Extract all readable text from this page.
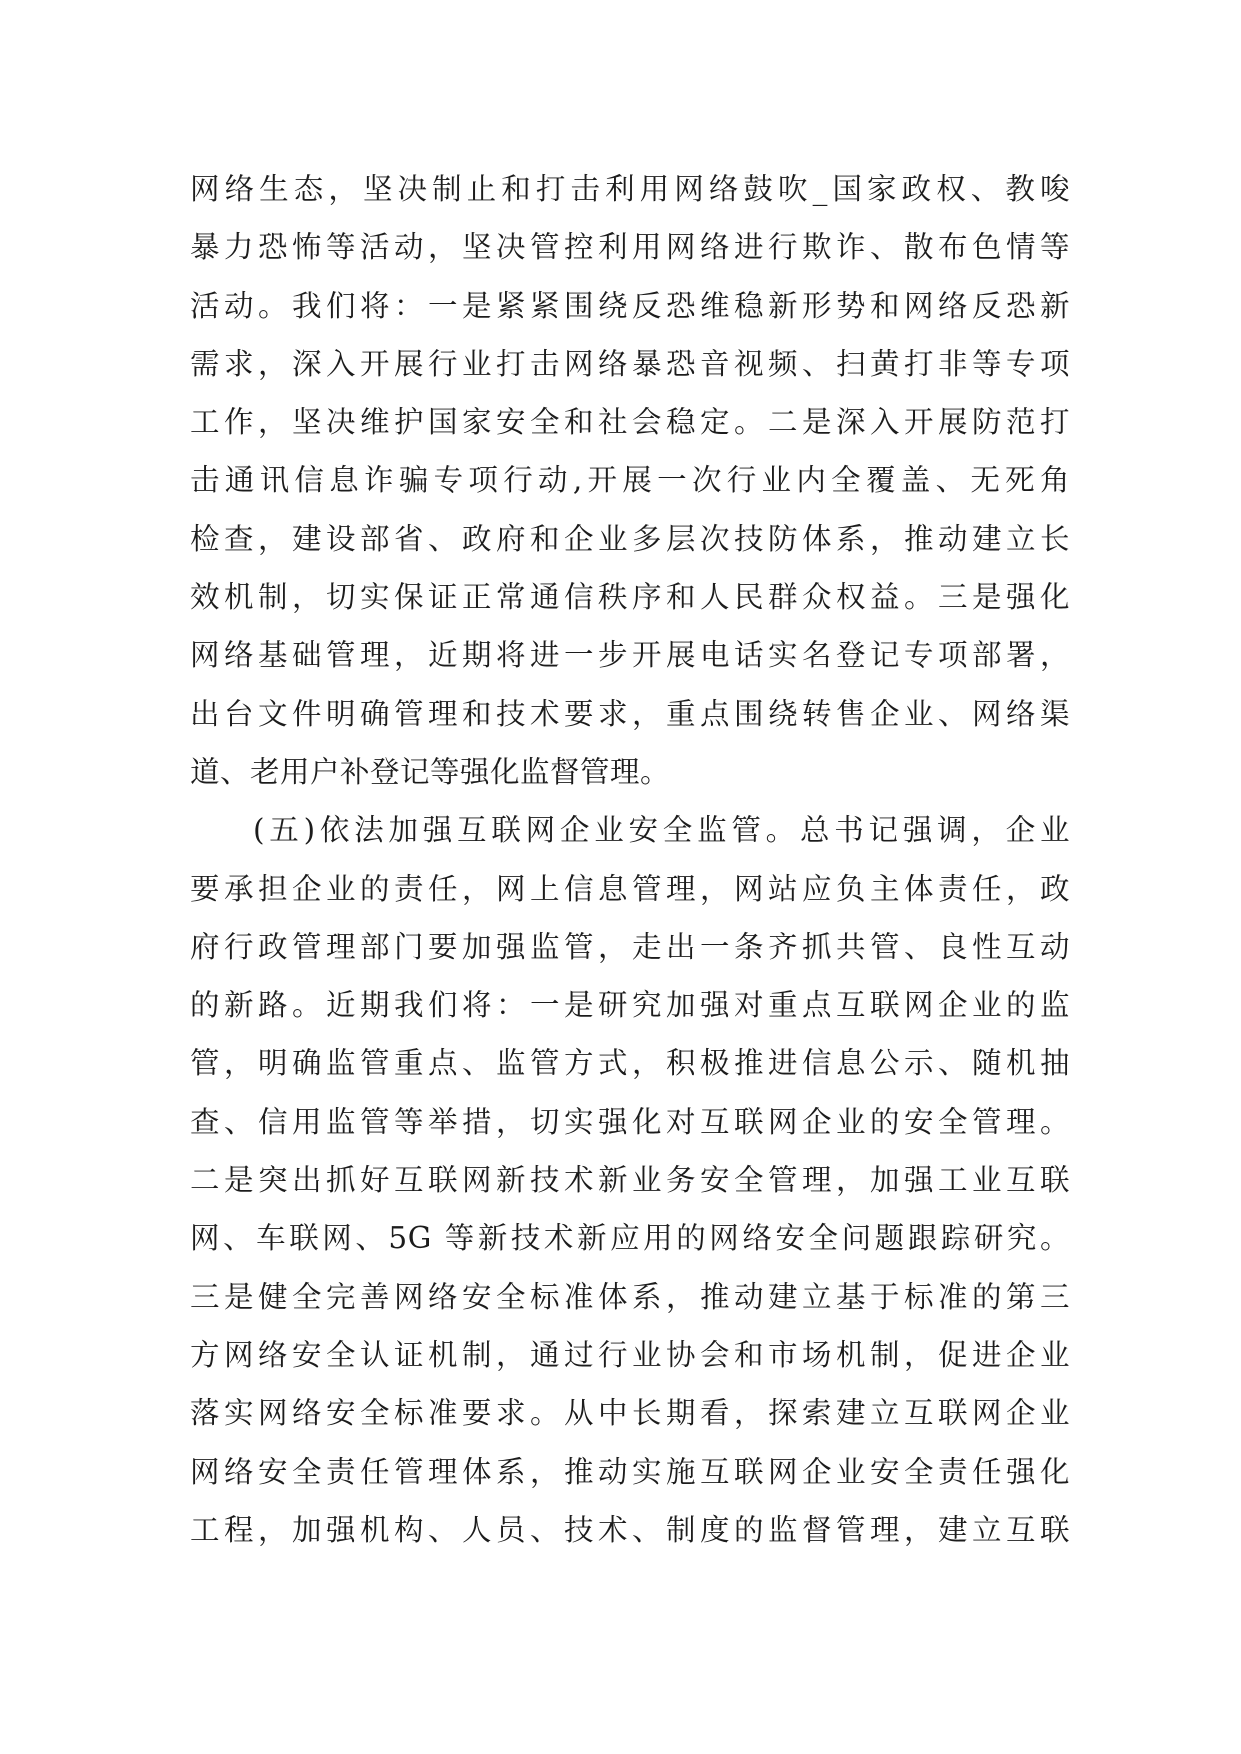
网络生态，坚决制止和打击利用网络鼓吹_国家政权、教唆
暴力恐怖等活动，坚决管控利用网络进行欺诈、散布色情等
活动。我们将：一是紧紧围绕反恐维稳新形势和网络反恐新
需求，深入开展行业打击网络暴恐音视频、扫黄打非等专项
工作，坚决维护国家安全和社会稳定。二是深入开展防范打
击通讯信息诈骗专项行动,开展一次行业内全覆盖、无死角
检查，建设部省、政府和企业多层次技防体系，推动建立长
效机制，切实保证正常通信秩序和人民群众权益。三是强化
网络基础管理，近期将进一步开展电话实名登记专项部署，
出台文件明确管理和技术要求，重点围绕转售企业、网络渠
道、老用户补登记等强化监督管理。
(五)依法加强互联网企业安全监管。总书记强调，企业
要承担企业的责任，网上信息管理，网站应负主体责任，政
府行政管理部门要加强监管，走出一条齐抓共管、良性互动
的新路。近期我们将：一是研究加强对重点互联网企业的监
管，明确监管重点、监管方式，积极推进信息公示、随机抽
查、信用监管等举措，切实强化对互联网企业的安全管理。
二是突出抓好互联网新技术新业务安全管理，加强工业互联
网、车联网、5G 等新技术新应用的网络安全问题跟踪研究。
三是健全完善网络安全标准体系，推动建立基于标准的第三
方网络安全认证机制，通过行业协会和市场机制，促进企业
落实网络安全标准要求。从中长期看，探索建立互联网企业
网络安全责任管理体系，推动实施互联网企业安全责任强化
工程，加强机构、人员、技术、制度的监督管理，建立互联
